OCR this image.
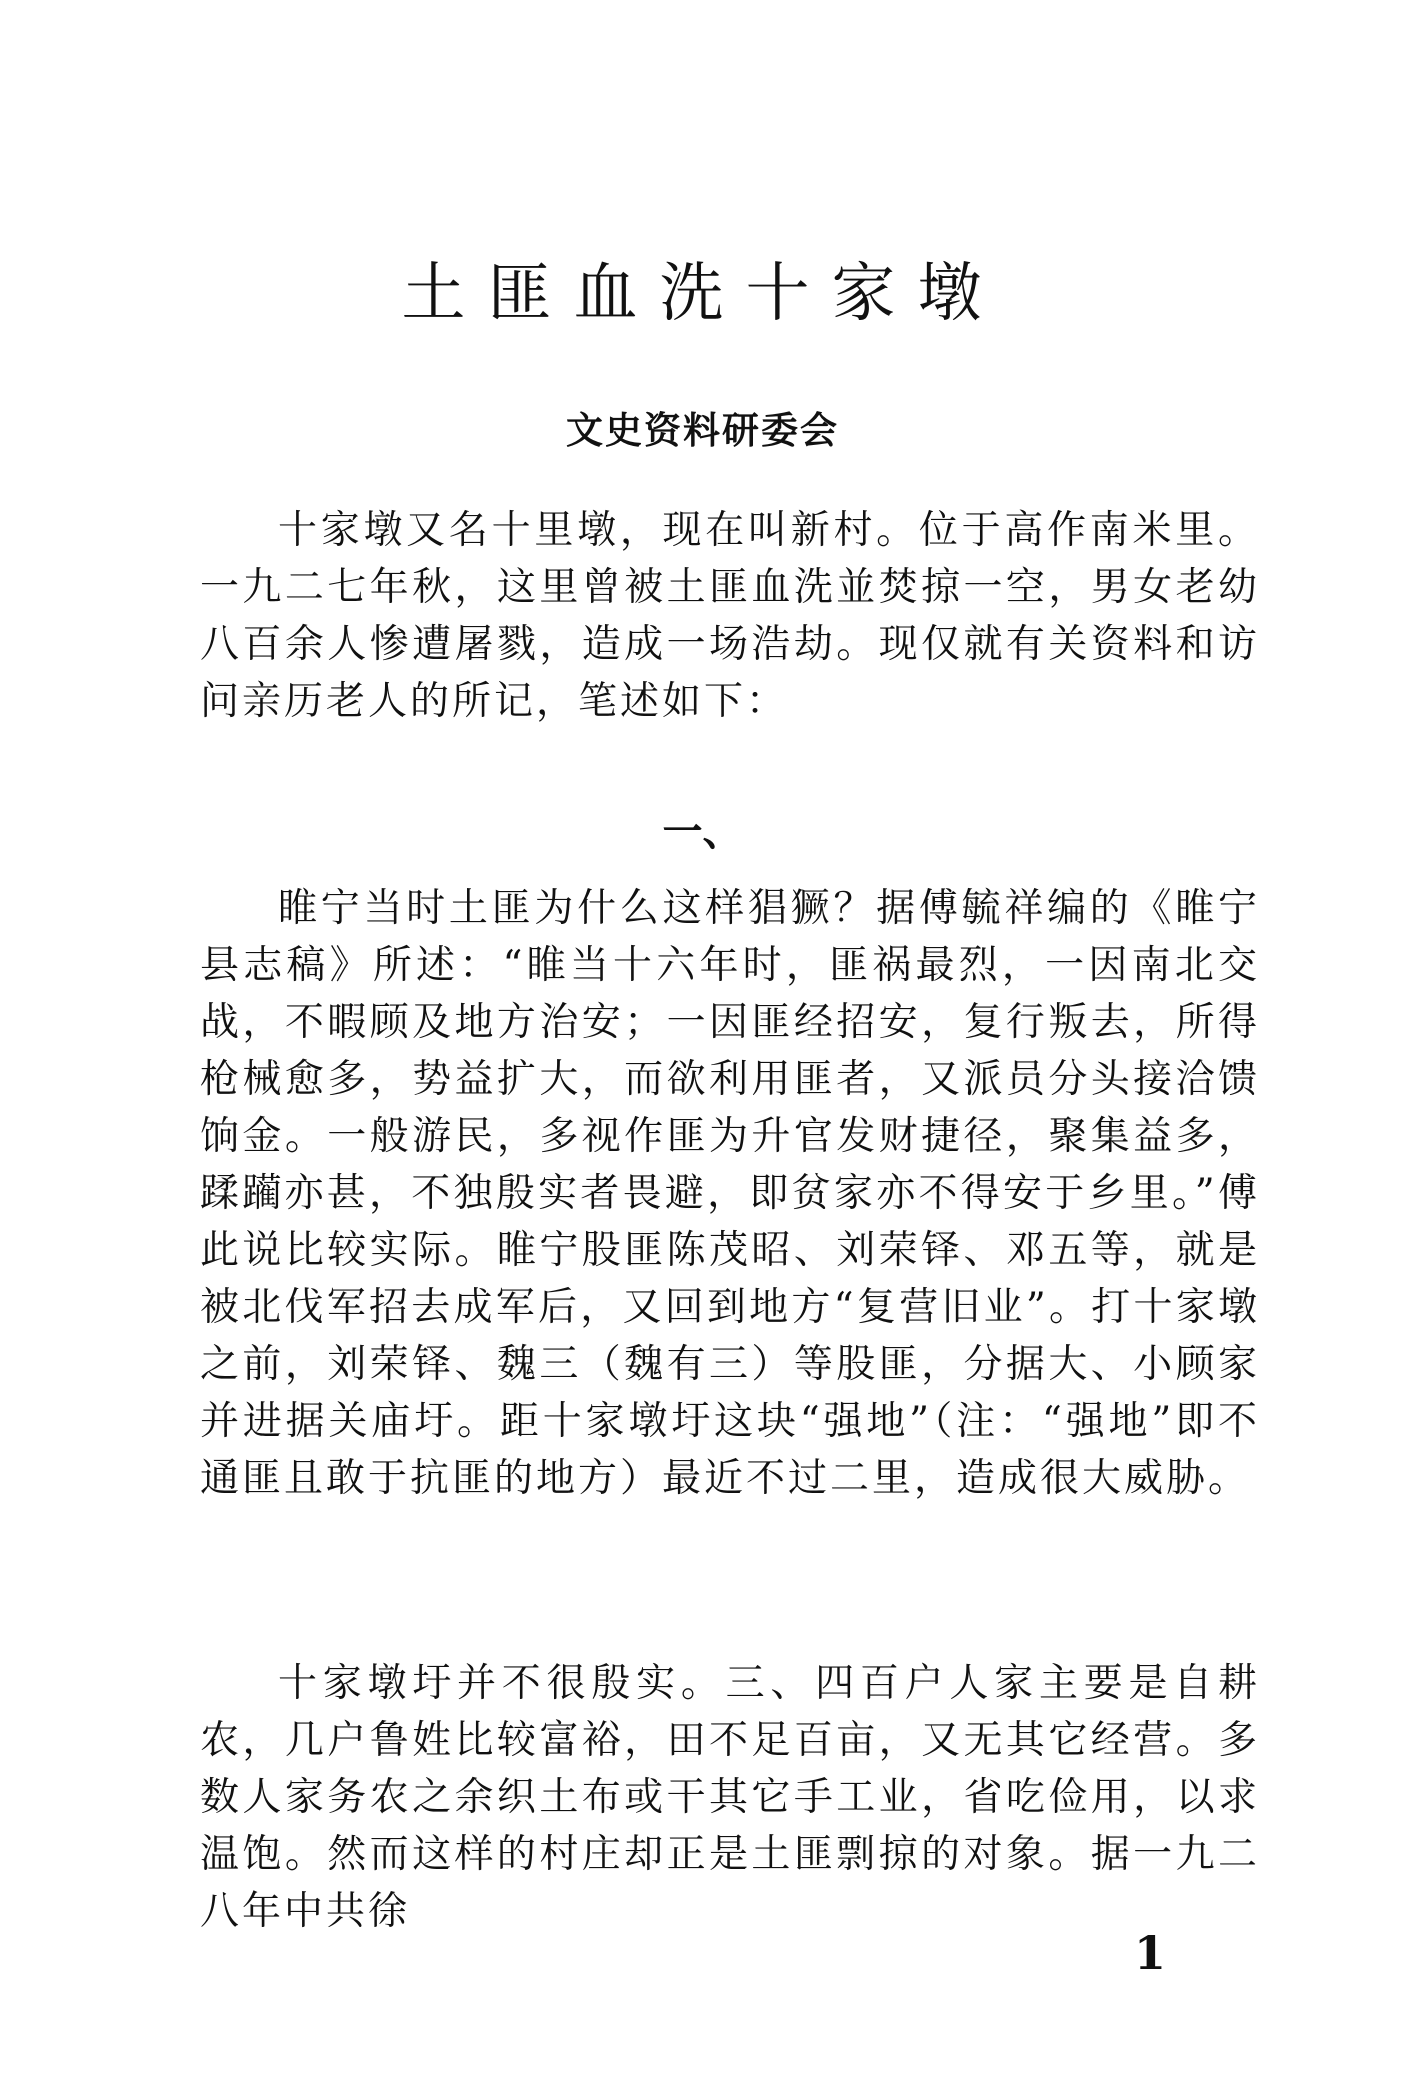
土匪血洗十家墩
文史资料研委会

十家墩又名十里墩，现在叫新村。位于高作南米里。一九二七年秋，这里曾被土匪血洗並焚掠一空，男女老幼八百余人惨遭屠戮，造成一场浩劫。现仅就有关资料和访问亲历老人的所记，笔述如下：

一、

睢宁当时土匪为什么这样猖獗？据傅毓祥编的《睢宁县志稿》所述：“睢当十六年时，匪祸最烈，一因南北交战，不暇顾及地方治安；一因匪经招安，复行叛去，所得枪械愈多，势益扩大，而欲利用匪者，又派员分头接洽馈饷金。一般游民，多视作匪为升官发财捷径，聚集益多，蹂躏亦甚，不独殷实者畏避，即贫家亦不得安于乡里。”傅此说比较实际。睢宁股匪陈茂昭、刘荣铎、邓五等，就是被北伐军招去成军后，又回到地方“复营旧业”。打十家墩之前，刘荣铎、魏三（魏有三）等股匪，分据大、小顾家并进据关庙圩。距十家墩圩这块“强地”（注：“强地”即不通匪且敢于抗匪的地方）最近不过二里，造成很大威胁。

十家墩圩并不很殷实。三、四百户人家主要是自耕农，几户鲁姓比较富裕，田不足百亩，又无其它经营。多数人家务农之余织土布或干其它手工业，省吃俭用，以求温饱。然而这样的村庄却正是土匪剽掠的对象。据一九二八年中共徐

1
